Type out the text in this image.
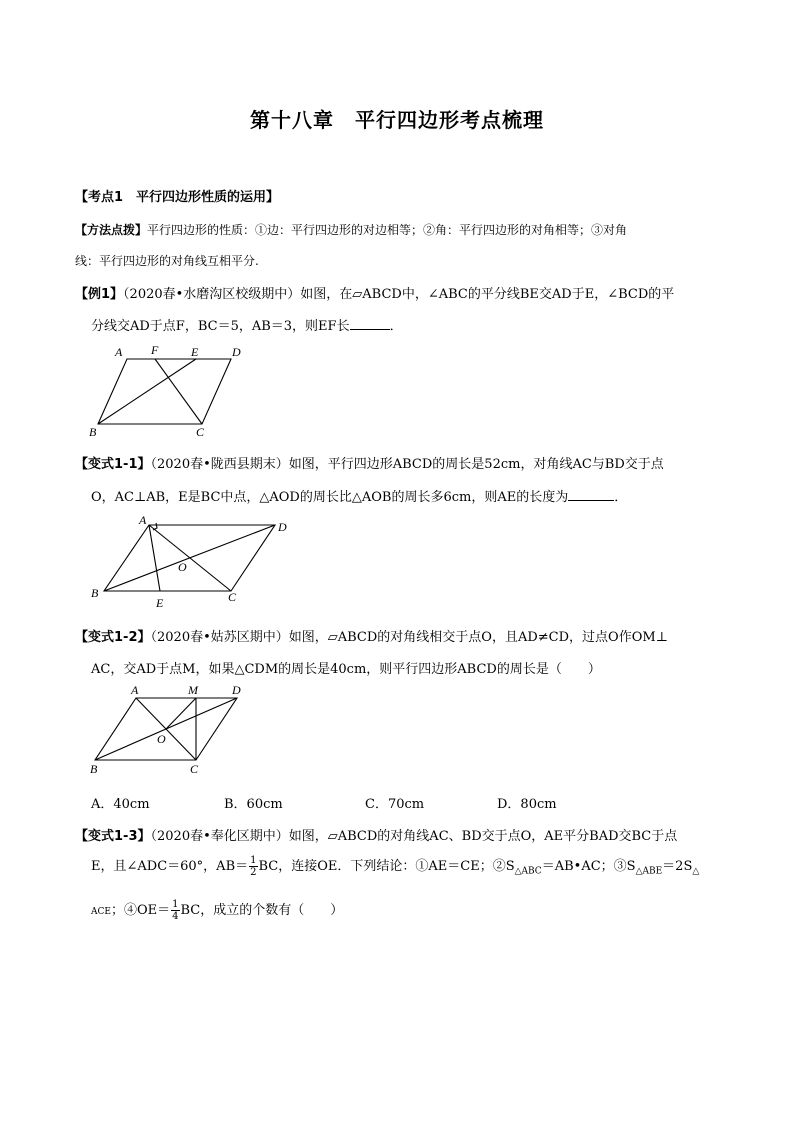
第十八章　平行四边形考点梳理
【考点1　平行四边形性质的运用】
【方法点拨】平行四边形的性质：①边：平行四边形的对边相等；②角：平行四边形的对角相等；③对角
线：平行四边形的对角线互相平分.
【例1】（2020春•水磨沟区校级期中）如图，在▱ABCD中，∠ABC的平分线BE交AD于E，∠BCD的平
分线交AD于点F，BC＝5，AB＝3，则EF长	．
A F	E	D
B	C
【变式1-1】（2020春•陇西县期末）如图，平行四边形ABCD的周长是52cm，对角线AC与BD交于点
O，AC⊥AB，E是BC中点，△AOD的周长比△AOB的周长多6cm，则AE的长度为	．
A	D
O
B
E	C
【变式1-2】（2020春•姑苏区期中）如图，▱ABCD的对角线相交于点O，且AD≠CD，过点O作OM⊥
AC，交AD于点M，如果△CDM的周长是40cm，则平行四边形ABCD的周长是（　　）
A	M	D
O
B	C
A．40cm	B．60cm	C．70cm	D．80cm
【变式1-3】（2020春•奉化区期中）如图，▱ABCD的对角线AC、BD交于点O，AE平分BAD交BC于点
E，且∠ADC＝60°，$AB= \frac{1}{2}$ BC，连接OE．下列结论：①AE＝CE；$②S_{\triangle ABC}=AB•AC$；$③S_{\triangle ABE}=2S_\triangle$
ACE；④OE＝ $\frac{1}{4}$ BC，成立的个数有（　　）
